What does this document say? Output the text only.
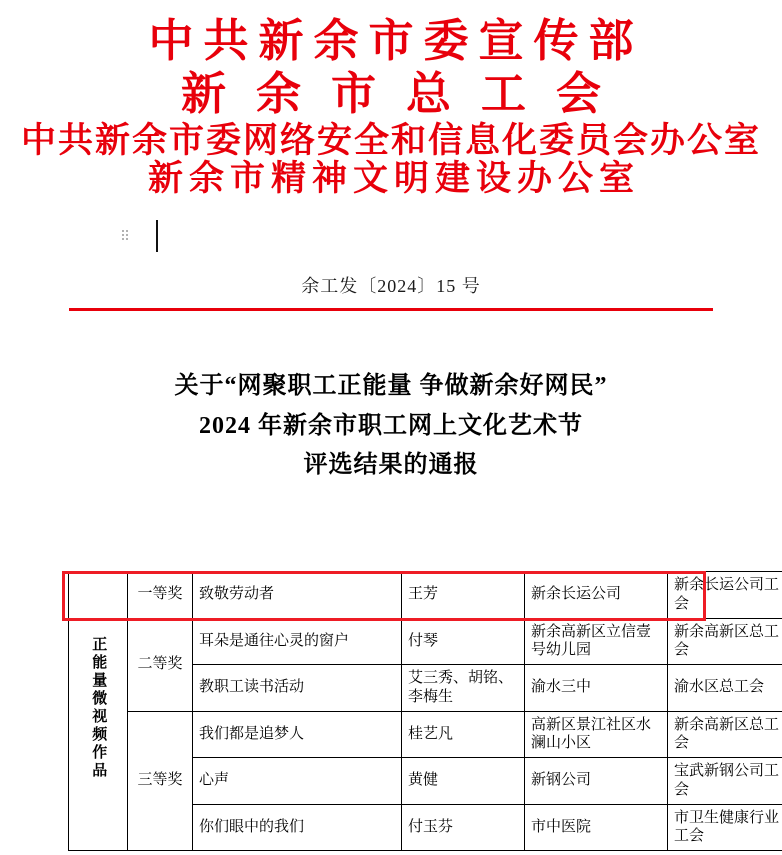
中共新余市委宣传部
新余市总工会
中共新余市委网络安全和信息化委员会办公室
新余市精神文明建设办公室
余工发〔2024〕15 号
关于“网聚职工正能量 争做新余好网民”
2024 年新余市职工网上文化艺术节
评选结果的通报
正能量微视频作品	一等奖	致敬劳动者	王芳	新余长运公司	新余长运公司工会
	二等奖	耳朵是通往心灵的窗户	付琴	新余高新区立信壹号幼儿园	新余高新区总工会
		教职工读书活动	艾三秀、胡铭、李梅生	渝水三中	渝水区总工会
	三等奖	我们都是追梦人	桂艺凡	高新区景江社区水澜山小区	新余高新区总工会
		心声	黄健	新钢公司	宝武新钢公司工会
		你们眼中的我们	付玉芬	市中医院	市卫生健康行业工会
